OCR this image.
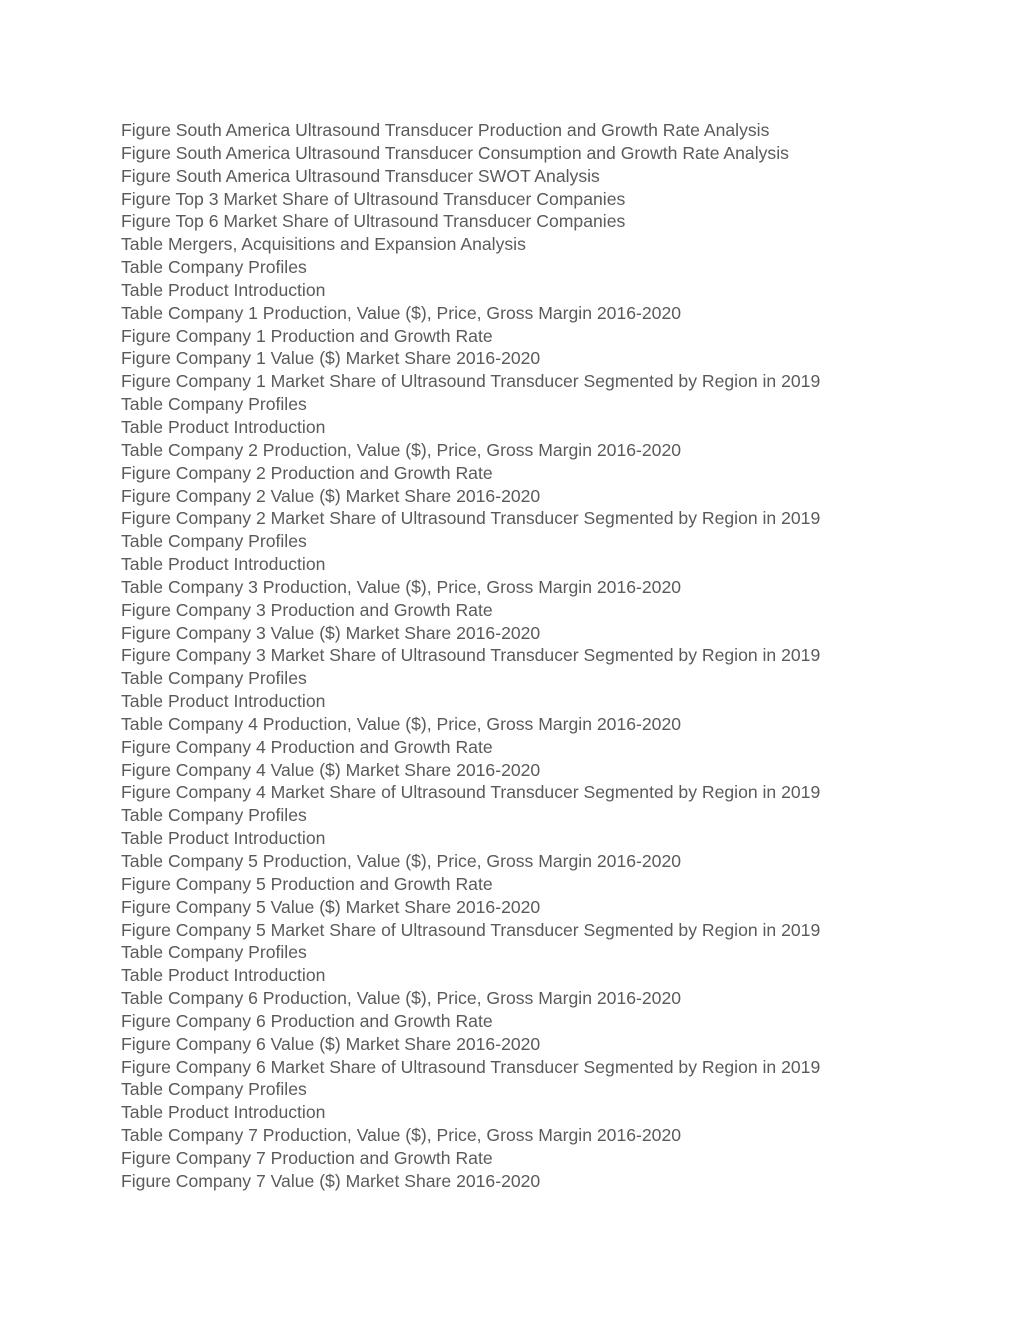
Figure South America Ultrasound Transducer Production and Growth Rate Analysis
Figure South America Ultrasound Transducer Consumption and Growth Rate Analysis
Figure South America Ultrasound Transducer SWOT Analysis
Figure Top 3 Market Share of Ultrasound Transducer Companies
Figure Top 6 Market Share of Ultrasound Transducer Companies
Table Mergers, Acquisitions and Expansion Analysis
Table Company Profiles
Table Product Introduction
Table Company 1 Production, Value ($), Price, Gross Margin 2016-2020
Figure Company 1 Production and Growth Rate
Figure Company 1 Value ($) Market Share 2016-2020
Figure Company 1 Market Share of Ultrasound Transducer Segmented by Region in 2019
Table Company Profiles
Table Product Introduction
Table Company 2 Production, Value ($), Price, Gross Margin 2016-2020
Figure Company 2 Production and Growth Rate
Figure Company 2 Value ($) Market Share 2016-2020
Figure Company 2 Market Share of Ultrasound Transducer Segmented by Region in 2019
Table Company Profiles
Table Product Introduction
Table Company 3 Production, Value ($), Price, Gross Margin 2016-2020
Figure Company 3 Production and Growth Rate
Figure Company 3 Value ($) Market Share 2016-2020
Figure Company 3 Market Share of Ultrasound Transducer Segmented by Region in 2019
Table Company Profiles
Table Product Introduction
Table Company 4 Production, Value ($), Price, Gross Margin 2016-2020
Figure Company 4 Production and Growth Rate
Figure Company 4 Value ($) Market Share 2016-2020
Figure Company 4 Market Share of Ultrasound Transducer Segmented by Region in 2019
Table Company Profiles
Table Product Introduction
Table Company 5 Production, Value ($), Price, Gross Margin 2016-2020
Figure Company 5 Production and Growth Rate
Figure Company 5 Value ($) Market Share 2016-2020
Figure Company 5 Market Share of Ultrasound Transducer Segmented by Region in 2019
Table Company Profiles
Table Product Introduction
Table Company 6 Production, Value ($), Price, Gross Margin 2016-2020
Figure Company 6 Production and Growth Rate
Figure Company 6 Value ($) Market Share 2016-2020
Figure Company 6 Market Share of Ultrasound Transducer Segmented by Region in 2019
Table Company Profiles
Table Product Introduction
Table Company 7 Production, Value ($), Price, Gross Margin 2016-2020
Figure Company 7 Production and Growth Rate
Figure Company 7 Value ($) Market Share 2016-2020
